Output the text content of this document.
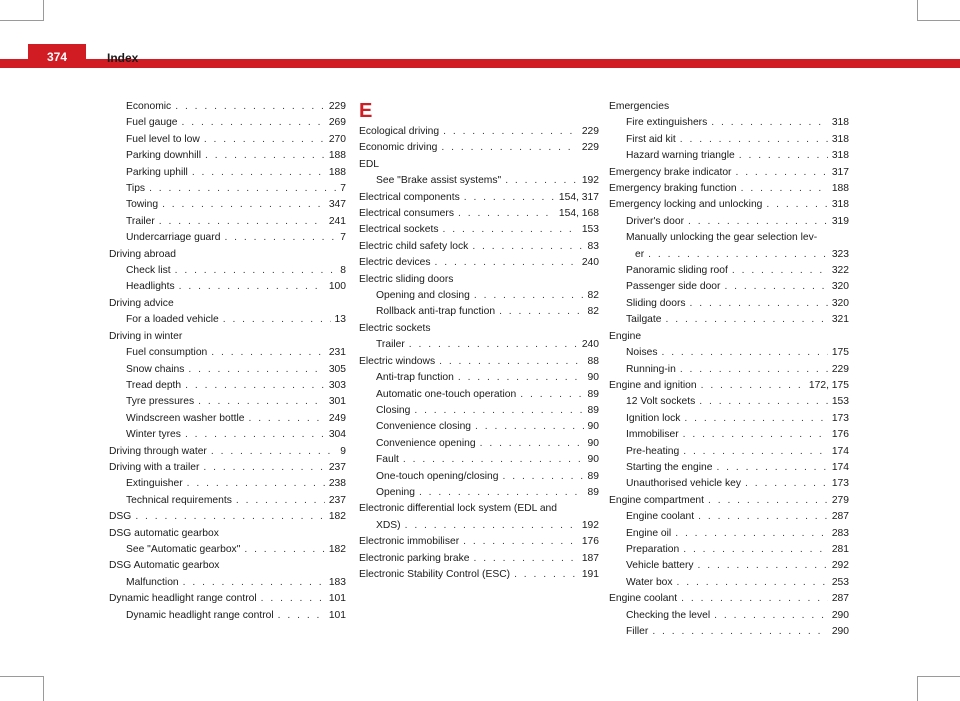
374	Index
Economic . . .	229
Fuel gauge . . .	269
Fuel level to low . . .	270
Parking downhill . . .	188
Parking uphill . . .	188
Tips . . .	7
Towing . . .	347
Trailer . . .	241
Undercarriage guard . . .	7
Driving abroad
Check list . . .	8
Headlights . . .	100
Driving advice
For a loaded vehicle . . .	13
Driving in winter
Fuel consumption . . .	231
Snow chains . . .	305
Tread depth . . .	303
Tyre pressures . . .	301
Windscreen washer bottle . . .	249
Winter tyres . . .	304
Driving through water . . .	9
Driving with a trailer . . .	237
Extinguisher . . .	238
Technical requirements . . .	237
DSG . . .	182
DSG automatic gearbox
See "Automatic gearbox" . . .	182
DSG Automatic gearbox
Malfunction . . .	183
Dynamic headlight range control . . .	101
Dynamic headlight range control . . .	101
E
Ecological driving . . .	229
Economic driving . . .	229
EDL
See "Brake assist systems" . . .	192
Electrical components . . .	154, 317
Electrical consumers . . .	154, 168
Electrical sockets . . .	153
Electric child safety lock . . .	83
Electric devices . . .	240
Electric sliding doors
Opening and closing . . .	82
Rollback anti-trap function . . .	82
Electric sockets
Trailer . . .	240
Electric windows . . .	88
Anti-trap function . . .	90
Automatic one-touch operation . . .	89
Closing . . .	89
Convenience closing . . .	90
Convenience opening . . .	90
Fault . . .	90
One-touch opening/closing . . .	89
Opening . . .	89
Electronic differential lock system (EDL and
XDS) . . .	192
Electronic immobiliser . . .	176
Electronic parking brake . . .	187
Electronic Stability Control (ESC) . . .	191
Emergencies
Fire extinguishers . . .	318
First aid kit . . .	318
Hazard warning triangle . . .	318
Emergency brake indicator . . .	317
Emergency braking function . . .	188
Emergency locking and unlocking . . .	318
Driver's door . . .	319
Manually unlocking the gear selection lev-
er . . .	323
Panoramic sliding roof . . .	322
Passenger side door . . .	320
Sliding doors . . .	320
Tailgate . . .	321
Engine
Noises . . .	175
Running-in . . .	229
Engine and ignition . . .	172, 175
12 Volt sockets . . .	153
Ignition lock . . .	173
Immobiliser . . .	176
Pre-heating . . .	174
Starting the engine . . .	174
Unauthorised vehicle key . . .	173
Engine compartment . . .	279
Engine coolant . . .	287
Engine oil . . .	283
Preparation . . .	281
Vehicle battery . . .	292
Water box . . .	253
Engine coolant . . .	287
Checking the level . . .	290
Filler . . .	290
